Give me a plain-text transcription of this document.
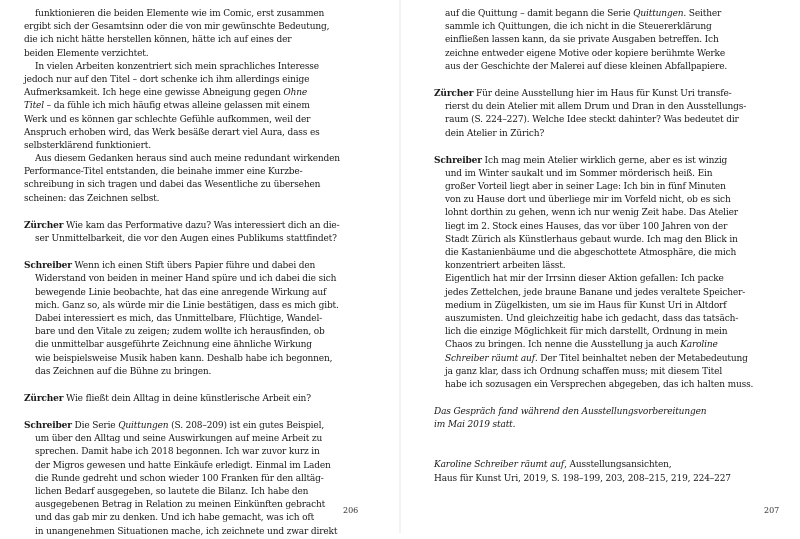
funktionieren die beiden Elemente wie im Comic, erst zusammen
ergibt sich der Gesamtsinn oder die von mir gewünschte Bedeutung,
die ich nicht hätte herstellen können, hätte ich auf eines der
beiden Elemente verzichtet.
In vielen Arbeiten konzentriert sich mein sprachliches Interesse
jedoch nur auf den Titel – dort schenke ich ihm allerdings einige
Aufmerksamkeit. Ich hege eine gewisse Abneigung gegen Ohne
Titel – da fühle ich mich häufig etwas alleine gelassen mit einem
Werk und es können gar schlechte Gefühle aufkommen, weil der
Anspruch erhoben wird, das Werk besäße derart viel Aura, dass es
selbsterklärend funktioniert.
Aus diesem Gedanken heraus sind auch meine redundant wirkenden
Performance-Titel entstanden, die beinahe immer eine Kurzbe-
schreibung in sich tragen und dabei das Wesentliche zu übersehen
scheinen: das Zeichnen selbst.
Zürcher Wie kam das Performative dazu? Was interessiert dich an die-
ser Unmittelbarkeit, die vor den Augen eines Publikums stattfindet?
Schreiber Wenn ich einen Stift übers Papier führe und dabei den
Widerstand von beiden in meiner Hand spüre und ich dabei die sich
bewegende Linie beobachte, hat das eine anregende Wirkung auf
mich. Ganz so, als würde mir die Linie bestätigen, dass es mich gibt.
Dabei interessiert es mich, das Unmittelbare, Flüchtige, Wandel-
bare und den Vitale zu zeigen; zudem wollte ich herausfinden, ob
die unmittelbar ausgeführte Zeichnung eine ähnliche Wirkung
wie beispielsweise Musik haben kann. Deshalb habe ich begonnen,
das Zeichnen auf die Bühne zu bringen.
Zürcher Wie fließt dein Alltag in deine künstlerische Arbeit ein?
Schreiber Die Serie Quittungen (S. 208–209) ist ein gutes Beispiel,
um über den Alltag und seine Auswirkungen auf meine Arbeit zu
sprechen. Damit habe ich 2018 begonnen. Ich war zuvor kurz in
der Migros gewesen und hatte Einkäufe erledigt. Einmal im Laden
die Runde gedreht und schon wieder 100 Franken für den alltäg-
lichen Bedarf ausgegeben, so lautete die Bilanz. Ich habe den
ausgegebenen Betrag in Relation zu meinen Einkünften gebracht
und das gab mir zu denken. Und ich habe gemacht, was ich oft
in unangenehmen Situationen mache, ich zeichnete und zwar direkt
206
auf die Quittung – damit begann die Serie Quittungen. Seither
sammle ich Quittungen, die ich nicht in die Steuererklärung
einfließen lassen kann, da sie private Ausgaben betreffen. Ich
zeichne entweder eigene Motive oder kopiere berühmte Werke
aus der Geschichte der Malerei auf diese kleinen Abfallpapiere.
Zürcher Für deine Ausstellung hier im Haus für Kunst Uri transfe-
rierst du dein Atelier mit allem Drum und Dran in den Ausstellungs-
raum (S. 224–227). Welche Idee steckt dahinter? Was bedeutet dir
dein Atelier in Zürich?
Schreiber Ich mag mein Atelier wirklich gerne, aber es ist winzig
und im Winter saukalt und im Sommer mörderisch heiß. Ein
großer Vorteil liegt aber in seiner Lage: Ich bin in fünf Minuten
von zu Hause dort und überliege mir im Vorfeld nicht, ob es sich
lohnt dorthin zu gehen, wenn ich nur wenig Zeit habe. Das Atelier
liegt im 2. Stock eines Hauses, das vor über 100 Jahren von der
Stadt Zürich als Künstlerhaus gebaut wurde. Ich mag den Blick in
die Kastanienbäume und die abgeschottete Atmosphäre, die mich
konzentriert arbeiten lässt.
Eigentlich hat mir der Irrsinn dieser Aktion gefallen: Ich packe
jedes Zettelchen, jede braune Banane und jedes veraltete Speicher-
medium in Zügelkisten, um sie im Haus für Kunst Uri in Altdorf
auszumisten. Und gleichzeitig habe ich gedacht, dass das tatsäch-
lich die einzige Möglichkeit für mich darstellt, Ordnung in mein
Chaos zu bringen. Ich nenne die Ausstellung ja auch Karoline
Schreiber räumt auf. Der Titel beinhaltet neben der Metabedeutung
ja ganz klar, dass ich Ordnung schaffen muss; mit diesem Titel
habe ich sozusagen ein Versprechen abgegeben, das ich halten muss.
Das Gespräch fand während den Ausstellungsvorbereitungen
im Mai 2019 statt.
Karoline Schreiber räumt auf, Ausstellungsansichten,
Haus für Kunst Uri, 2019, S. 198–199, 203, 208–215, 219, 224–227
207
